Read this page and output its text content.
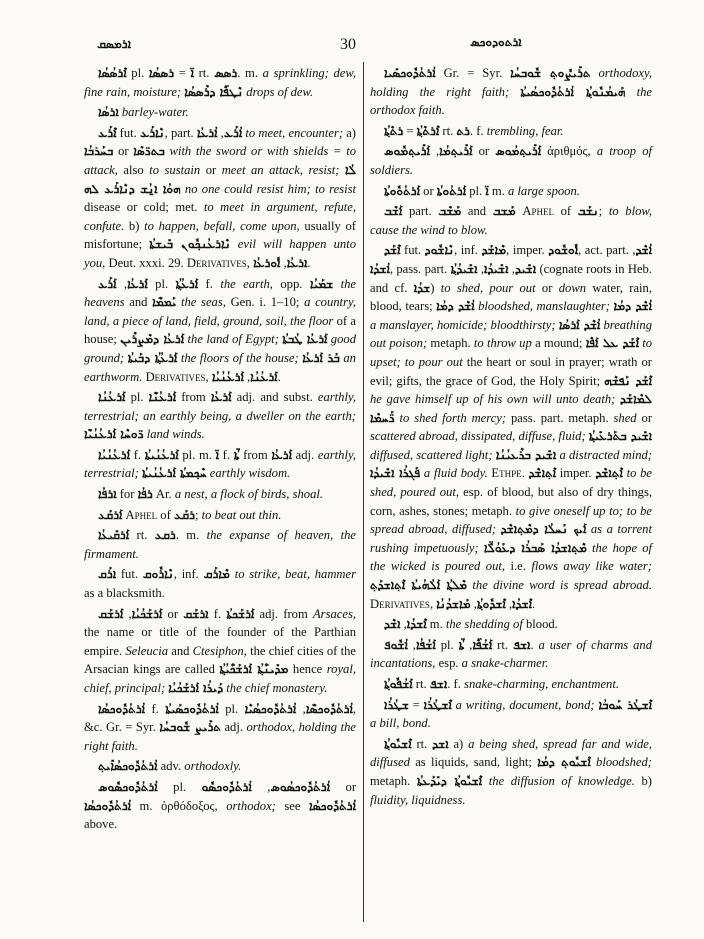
ܐܪܡܣܩ	30	ܐܪܬܘܕܘܟܣ

ܐܶܪܣܳܣܳܐ pl.	ܐ̈ = ܪܣܣܳܐ rt. ܪܣܣ. m. a sprinkling; dew, fine rain, moisture; ܢܶܛܦ̈ܶܐ ܕܪܶܣܣܳܐ drops of dew.

ܐܪܣܳܐ barley-water.

ܐܶܪܰܥ fut. ܢܶܐܪܰܥ, part. ܐܳܪܰܥ, ܐܳܪܥܳܐ to meet, encounter; a) ܒܚܰܪܒܳܐ or ܒܬܪ̈ܣܶܐ with the sword or with shields = to attack, also to sustain or meet an attack, resist; ܠܳܐ ܗܘܳܐ ܐ̱ܢܳܫ ܕܢܶܐܪܰܥ ܠܗ no one could resist him; to resist disease or cold; met. to meet in argument, refute, confute. b) to happen, befall, come upon, usually of misfortune; ܢܶܐܪܥܳܢܟ݂ܽܘܢ ܒܺܝܫܬܳܐ evil will happen unto you, Deut. xxxi. 29. Derivatives,	ܐܪܥܳܐ, ܐܽܘܪܥܳܐ .

ܐܰܪܥܳܐ, ܐܰܪܰܥ pl. ܐܰܪܥܳܬ݂ܳܐ f. the earth, opp. ܫܡܰܝܳܐ the heavens and ܝܰܡܡ̈ܶܐ the seas, Gen. i. 1–10; a country, land, a piece of land, field, ground, soil, the floor of a house; ܐܰܪܥܳܐ ܕܡܶܨܪܶܝܢ the land of Egypt; ܐܰܪܥܳܐ ܛܳܒܬܳܐ good ground; ܐܰܪܥܳܬ݂ܳܐ ܕܒܰܝܬܳܐ the floors of the house; ܒܰܪ ܐܰܪܥܳܐ an earthworm. Derivatives,	ܐܰܪܥܳܢܳܐ, ܐܰܪܥܳܢܳܝܳܐ	.

ܐܰܪܥܳܢܳܐ pl. ܐܰܪܥܳܢ̈ܶܐ from ܐܰܪܥܳܐ adj. and subst. earthly, terrestrial; an earthly being, a dweller on the earth; ܪ̈ܘܚܶܐ ܐܰܪܥܳܢܳܝ̈ܶܐ land winds.

ܐܰܪܥܳܢܳܝܳܐ f. ܐܰܪܥܳܢܳܝܬܳܐ pl. m. ܐ̈ f. ܬ̈ܳܐ from ܐܰܪܥܳܐ adj. earthly, terrestrial; ܚܶܟ݂ܡܬܳܐ ܐܰܪܥܳܢܳܝܬܳܐ earthly wisdom.

ܐܪܦܳܐ for ܪܦܳܐ Ar. a nest, a flock of birds, shoal.

ܐܰܪܩܰܥ Aphel of ܪܩܰܥ; to beat out thin.

ܐܰܪܩܺܝܥܳܐ rt. ܪܩܥ. m. the expanse of heaven, the firmament.

ܐܪܰܩ fut. ܢܶܐܪܽܘܩ, inf. ܡܶܐܪܰܩ to strike, beat, hammer as a blacksmith.

ܐܰܪܫܰܟܳܝܳܐ, ܐܰܪܫܰܩ	or ܐܪܫܰܩ f. ܐܰܪܫܰܟܬܳܐ adj. from Arsaces, the name or title of the founder of the Parthian empire. Seleucia and Ctesiphon, the chief cities of the Arsacian kings are called ܡܕܺܝܢ̈ܳܬ݂ܳܐ ܐܰܪܫܰܟ̈ܳܝܳܬ݂ܳܐ hence royal, chief, principal; ܕܰܝܪܳܐ ܐܰܪܫܰܟܳܝܳܐ the chief monastery.

ܐܳܪܬܳܕܽܘܟܣܳܐ f. ܐܳܪܬܳܕܽܘܟܣܰܝܬܳܐ pl.	ܐܳܪܬܳܕܽܘܟܣ̈ܶܐ, ܐܳܪܬܳܕܽܘܟܣܳܝܶܐ	, &c. Gr. = Syr. ܬܪܺܝܨ ܫܽܘܒܚܳܐ adj. orthodox, holding the right faith.

ܐܳܪܬܳܕܽܘܟܣܳܐܺܝܬ݂ adv. orthodoxly.

ܐܳܪܬܳܕܽܘܟܣܽܘܣ pl.	ܐܳܪܬܳܕܽܘܟܣܳܘܣ, ܐܳܪܬܳܕܽܘܟܣܽܘ	or ܐܳܪܬܳܕܽܘܟܣܳܐ m. ὀρθόδοξος, orthodox; see ܐܳܪܬܳܕܽܘܟܣܳܐ above.

ܐܳܪܬܳܕܽܘܟܣܺܝܐ Gr. = Syr. ܬܪܺܝܨܽܘܬ݂ ܫܽܘܒܚܳܐ orthodoxy, holding the right faith; ܗܰܝܡܳܢܽܘܬ݂ܳܐ ܐܳܪܬܳܕܽܘܟܣܳܝܬܳܐ the orthodox faith.

ܐܶܪܬܶܬ݂ܳܐ = ܪܬܶܬ݂ܳܐ	rt. ܪܬ. f. trembling, fear.

ܐܰܪܺܝܬ݂ܡܳܐ, ܐܰܪܺܝܬ݂ܡܽܘܣ	or ܐܰܪܺܝܬ݂ܡܳܘܣ ἀριθμός, a troop of soldiers.

ܐܰܪܬܳܘܽܘܬܳܐ or ܐܰܪܬܳܘܬܳܐ pl. ܐ̈ m. a large spoon.

ܐܰܫܶܒ part. ܡܰܫܶܒ and ܡܰܫܒ Aphel of ܢܫܰܒ; to blow, cause the wind to blow.

ܐܶܫܰܕ fut. ܢܶܐܫܽܘܕ, inf. ܡܶܐܫܰܕ, imper. ܐܽܘܫܽܘܕ, act. part. ܐܳܫܶܕ, ܐܳܫܕܳܐ, pass. part.	ܐܫܺܝܕ, ܐܫܺܝܕܳܐ, ܐܫܺܝܕܳܬ݂ܳܐ	(cognate roots in Heb. and cf. ܫܕܳܐ) to shed, pour out or down water, rain, blood, tears; ܐܳܫܶܕ ܕܡܳܐ bloodshed, manslaughter; ܐܳܫܶܕ ܕܡܳܐ a manslayer, homicide; bloodthirsty; ܐܳܫܶܕ ܐܰܪܣܳܐ breathing out poison; metaph. to throw up a mound; ܐܶܫܰܕ ܥܠ ܐܰܦܶܐ to upset; to pour out the heart or soul in prayer; wrath or evil; gifts, the grace of God, the Holy Spirit; ܐܶܫܰܕ ܢܰܦܫܶܗ he gave himself up of his own will unto death; ܠܡܶܐܫܰܕ ܪ̈ܰܚܡܶܐ to shed forth mercy; pass. part. metaph. shed or scattered abroad, dissipated, diffuse, fluid; ܐܫܺܝܕ ܒܬܰܪܥܺܝܬ݂ܳܐ diffused, scattered light; ܐܫܺܝܕ ܒܪܶܥܝܳܢܳܐ a distracted mind; ܦܰܓܪܳܐ ܐܫܺܝܕܳܐ a fluid body. Ethpe. ܐܶܬ݂ܐܫܶܕ imper. ܐܶܬ݂ܐܫܶܕ to be shed, poured out, esp. of blood, but also of dry things, corn, ashes, stones; metaph. to give oneself up to; to be spread abroad, diffused; ܐܰܝܟ ܢܰܚܠܳܐ ܕܡܶܬ݂ܐܫܶܕ as a torrent rushing impetuously; ܡܶܬ݂ܐܫܕܳܐ ܣܰܒܪܳܐ ܕܥܰܘܳܠ̈ܶܐ the hope of the wicked is poured out, i.e. flows away like water; ܡܶܠܬ݂ܳܐ ܐܰܠܳܗܳܝܬܳܐ ܐܶܬ݂ܐܫܕܰܬ݂ the divine word is spread abroad. Derivatives,	ܐܶܫܕܳܐ, ܐܶܫܕܽܘܬ݂ܳܐ, ܡܰܐܫܕܳܢܳܐ	.

ܐܶܫܕܳܐ, ܐܫܶܕ m. the shedding of blood.

ܐܰܫܳܦܳܐ, ܐܳܫܽܘܦ pl. ܐܰܫܳܦ̈ܶܐ, ܬ̈ܳܐ rt. ܐܫܦ. a user of charms and incantations, esp. a snake-charmer.

ܐܰܫܳܦܽܘܬ݂ܳܐ rt. ܐܫܦ. f. snake-charming, enchantment.

ܐܶܫܛܳܪܳܐ = ܫܛܳܪܳܐ	a writing, document, bond; ܐܶܫܛܳܪ ܚܰܘܒܳܐ a bill, bond.

ܐܶܫܝܽܘܬ݂ܳܐ rt. ܐܫܕ a) a being shed, spread far and wide, diffused as liquids, sand, light; ܐܶܫܝܽܘܬ݂ ܕܡܳܐ bloodshed; metaph. ܐܶܫܝܽܘܬ݂ܳܐ ܕܝܺܕܰܥܬܳܐ the diffusion of knowledge. b) fluidity, liquidness.
